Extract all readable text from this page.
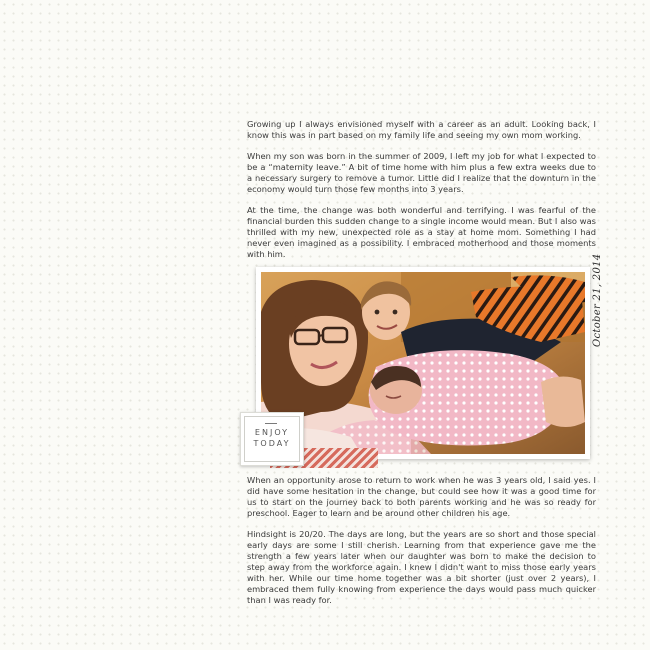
Growing up I always envisioned myself with a career as an adult. Looking back, I know this was in part based on my family life and seeing my own mom working.

When my son was born in the summer of 2009, I left my job for what I expected to be a “maternity leave.” A bit of time home with him plus a few extra weeks due to a necessary surgery to remove a tumor. Little did I realize that the downturn in the economy would turn those few months into 3 years.

At the time, the change was both wonderful and terrifying. I was fearful of the financial burden this sudden change to a single income would mean. But I also was thrilled with my new, unexpected role as a stay at home mom. Something I had never even imagined as a possibility. I embraced motherhood and those moments with him.	October 21, 2014
ENJOY
TODAY

When an opportunity arose to return to work when he was 3 years old, I said yes. I did have some hesitation in the change, but could see how it was a good time for us to start on the journey back to both parents working and he was so ready for preschool. Eager to learn and be around other children his age.

Hindsight is 20/20. The days are long, but the years are so short and those special early days are some I still cherish. Learning from that experience gave me the strength a few years later when our daughter was born to make the decision to step away from the workforce again. I knew I didn't want to miss those early years with her. While our time home together was a bit shorter (just over 2 years), I embraced them fully knowing from experience the days would pass much quicker than I was ready for.
